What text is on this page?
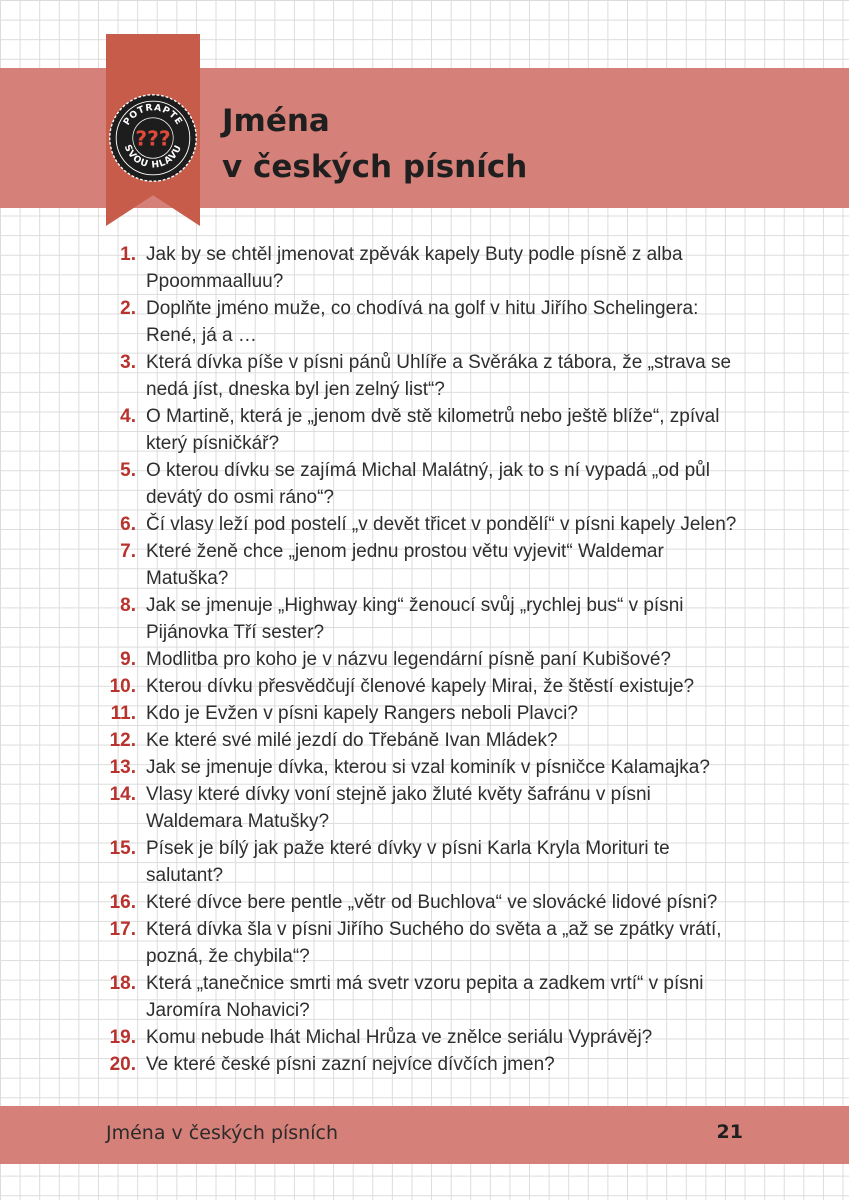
POTRAPTE
SVOU HLAVU
??? Jména
v českých písních
1. Jak by se chtěl jmenovat zpěvák kapely Buty podle písně z alba Ppoommaalluu?
2. Doplňte jméno muže, co chodívá na golf v hitu Jiřího Schelingera: René, já a …
3. Která dívka píše v písni pánů Uhlíře a Svěráka z tábora, že „strava se nedá jíst, dneska byl jen zelný list“?
4. O Martině, která je „jenom dvě stě kilometrů nebo ještě blíže“, zpíval který písničkář?
5. O kterou dívku se zajímá Michal Malátný, jak to s ní vypadá „od půl devátý do osmi ráno“?
6. Čí vlasy leží pod postelí „v devět třicet v pondělí“ v písni kapely Jelen?
7. Které ženě chce „jenom jednu prostou větu vyjevit“ Waldemar Matuška?
8. Jak se jmenuje „Highway king“ ženoucí svůj „rychlej bus“ v písni Pijánovka Tří sester?
9. Modlitba pro koho je v názvu legendární písně paní Kubišové?
10. Kterou dívku přesvědčují členové kapely Mirai, že štěstí existuje?
11. Kdo je Evžen v písni kapely Rangers neboli Plavci?
12. Ke které své milé jezdí do Třebáně Ivan Mládek?
13. Jak se jmenuje dívka, kterou si vzal kominík v písničce Kalamajka?
14. Vlasy které dívky voní stejně jako žluté květy šafránu v písni Waldemara Matušky?
15. Písek je bílý jak paže které dívky v písni Karla Kryla Morituri te salutant?
16. Které dívce bere pentle „vĕtr od Buchlova“ ve slovácké lidové písni?
17. Která dívka šla v písni Jiřího Suchého do světa a „až se zpátky vrátí, pozná, že chybila“?
18. Která „tanečnice smrti má svetr vzoru pepita a zadkem vrtí“ v písni Jaromíra Nohavici?
19. Komu nebude lhát Michal Hrůza ve znělce seriálu Vyprávěj?
20. Ve které české písni zazní nejvíce dívčích jmen?
Jména v českých písních	21
